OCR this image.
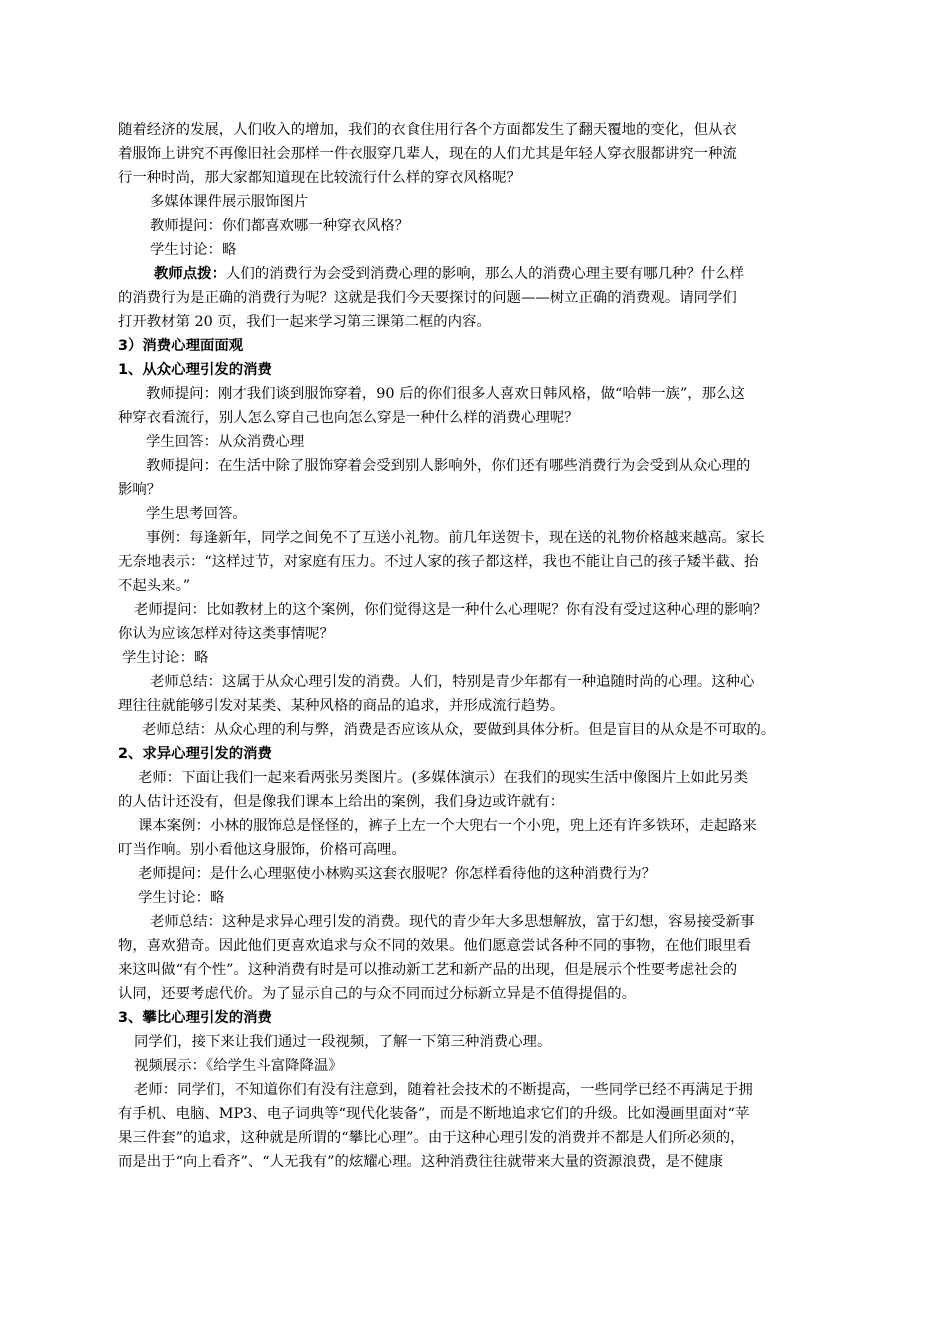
随着经济的发展，人们收入的增加，我们的衣食住用行各个方面都发生了翻天覆地的变化，但从衣
着服饰上讲究不再像旧社会那样一件衣服穿几辈人，现在的人们尤其是年轻人穿衣服都讲究一种流
行一种时尚，那大家都知道现在比较流行什么样的穿衣风格呢？
多媒体课件展示服饰图片
教师提问：你们都喜欢哪一种穿衣风格？
学生讨论：略
教师点拨：人们的消费行为会受到消费心理的影响，那么人的消费心理主要有哪几种？什么样
的消费行为是正确的消费行为呢？这就是我们今天要探讨的问题——树立正确的消费观。请同学们
打开教材第 20 页，我们一起来学习第三课第二框的内容。
3）消费心理面面观
1、从众心理引发的消费
教师提问：刚才我们谈到服饰穿着，90 后的你们很多人喜欢日韩风格，做“哈韩一族”，那么这
种穿衣看流行，别人怎么穿自己也向怎么穿是一种什么样的消费心理呢？
学生回答：从众消费心理
教师提问：在生活中除了服饰穿着会受到别人影响外，你们还有哪些消费行为会受到从众心理的
影响？
学生思考回答。
事例：每逢新年，同学之间免不了互送小礼物。前几年送贺卡，现在送的礼物价格越来越高。家长
无奈地表示：“这样过节，对家庭有压力。不过人家的孩子都这样，我也不能让自己的孩子矮半截、抬
不起头来。”
老师提问：比如教材上的这个案例，你们觉得这是一种什么心理呢？你有没有受过这种心理的影响？
你认为应该怎样对待这类事情呢？
学生讨论：略
老师总结：这属于从众心理引发的消费。人们，特别是青少年都有一种追随时尚的心理。这种心
理往往就能够引发对某类、某种风格的商品的追求，并形成流行趋势。
老师总结：从众心理的利与弊，消费是否应该从众，要做到具体分析。但是盲目的从众是不可取的。
2、求异心理引发的消费
老师：下面让我们一起来看两张另类图片。(多媒体演示）在我们的现实生活中像图片上如此另类
的人估计还没有，但是像我们课本上给出的案例，我们身边或许就有：
课本案例：小林的服饰总是怪怪的，裤子上左一个大兜右一个小兜，兜上还有许多铁环，走起路来
叮当作响。别小看他这身服饰，价格可高哩。
老师提问：是什么心理驱使小林购买这套衣服呢？你怎样看待他的这种消费行为？
学生讨论：略
老师总结：这种是求异心理引发的消费。现代的青少年大多思想解放，富于幻想，容易接受新事
物，喜欢猎奇。因此他们更喜欢追求与众不同的效果。他们愿意尝试各种不同的事物，在他们眼里看
来这叫做“有个性”。这种消费有时是可以推动新工艺和新产品的出现，但是展示个性要考虑社会的
认同，还要考虑代价。为了显示自己的与众不同而过分标新立异是不值得提倡的。
3、攀比心理引发的消费
同学们，接下来让我们通过一段视频，了解一下第三种消费心理。
视频展示：《给学生斗富降降温》
老师：同学们，不知道你们有没有注意到，随着社会技术的不断提高，一些同学已经不再满足于拥
有手机、电脑、MP3、电子词典等“现代化装备”，而是不断地追求它们的升级。比如漫画里面对“苹
果三件套”的追求，这种就是所谓的“攀比心理”。由于这种心理引发的消费并不都是人们所必须的，
而是出于“向上看齐”、“人无我有”的炫耀心理。这种消费往往就带来大量的资源浪费，是不健康
